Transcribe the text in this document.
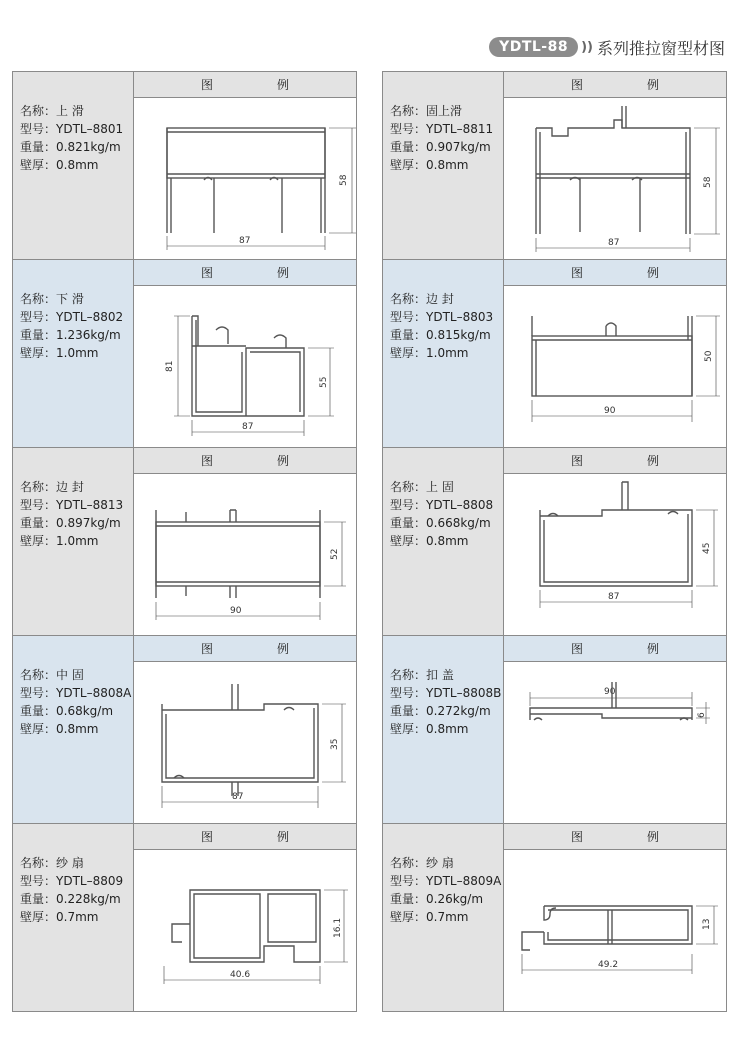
YDTL-88	)) 系列推拉窗型材图
名称：上 滑
型号：YDTL–8801
重量：0.821kg/m
壁厚：0.8mm
图　例
87
58
名称：下 滑
型号：YDTL–8802
重量：1.236kg/m
壁厚：1.0mm
图　例
87
81
55
名称：边 封
型号：YDTL–8813
重量：0.897kg/m
壁厚：1.0mm
图　例
90
52
名称：中 固
型号：YDTL–8808A
重量：0.68kg/m
壁厚：0.8mm
图　例
87
35
名称：纱 扇
型号：YDTL–8809
重量：0.228kg/m
壁厚：0.7mm
图　例
40.6
16.1
名称：固上滑
型号：YDTL–8811
重量：0.907kg/m
壁厚：0.8mm
图　例
87
58
名称：边 封
型号：YDTL–8803
重量：0.815kg/m
壁厚：1.0mm
图　例
90
50
名称：上 固
型号：YDTL–8808
重量：0.668kg/m
壁厚：0.8mm
图　例
87
45
名称：扣 盖
型号：YDTL–8808B
重量：0.272kg/m
壁厚：0.8mm
图　例
90
6
名称：纱 扇
型号：YDTL–8809A
重量：0.26kg/m
壁厚：0.7mm
图　例
49.2
13
